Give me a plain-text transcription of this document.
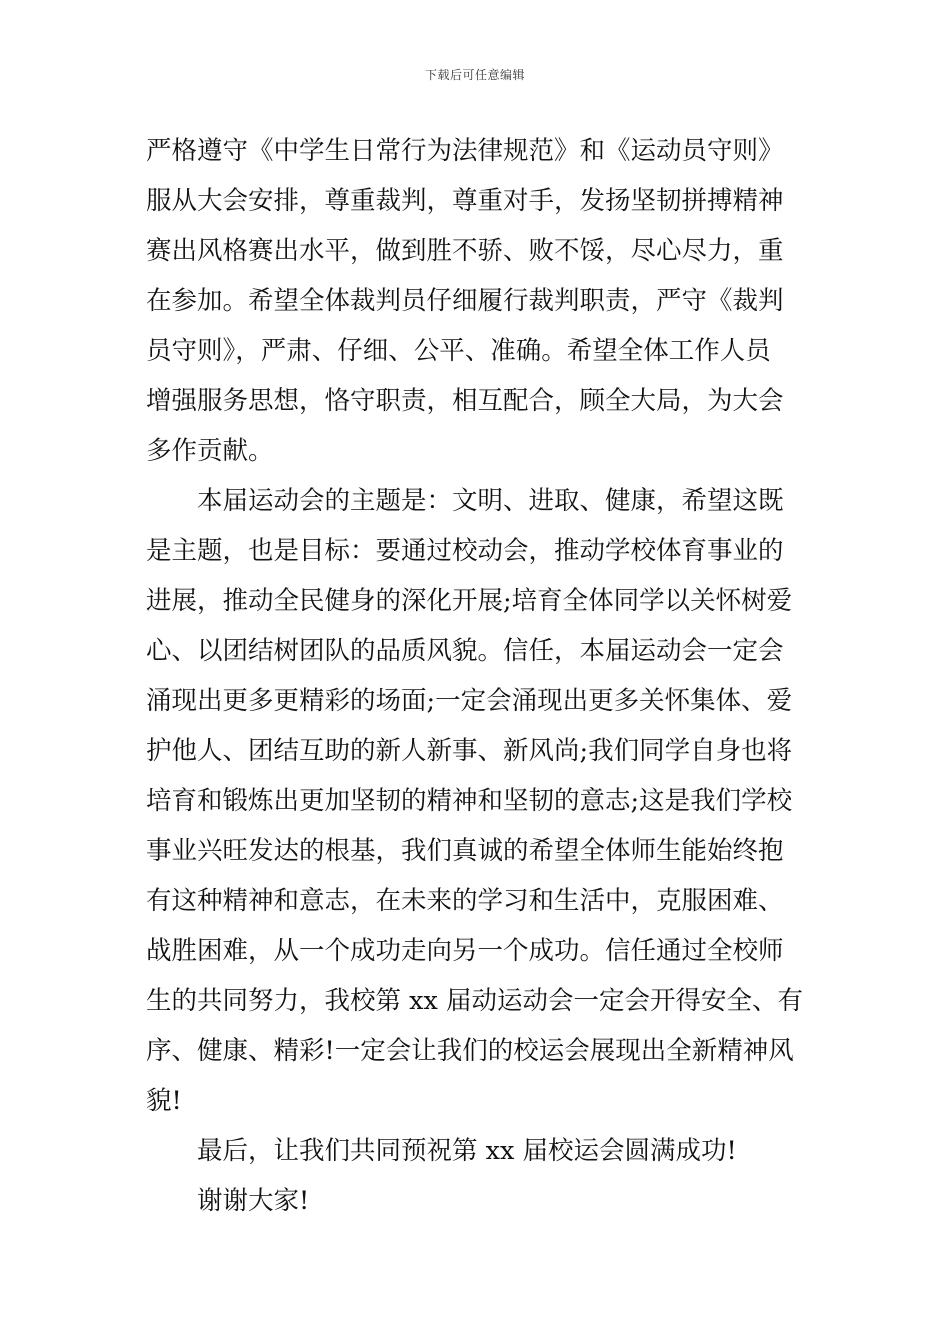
下载后可任意编辑
严格遵守《中学生日常行为法律规范》和《运动员守则》
服从大会安排，尊重裁判，尊重对手，发扬坚韧拼搏精神
赛出风格赛出水平，做到胜不骄、败不馁，尽心尽力，重
在参加。希望全体裁判员仔细履行裁判职责，严守《裁判
员守则》，严肃、仔细、公平、准确。希望全体工作人员
增强服务思想，恪守职责，相互配合，顾全大局，为大会
多作贡献。
本届运动会的主题是：文明、进取、健康，希望这既
是主题，也是目标：要通过校动会，推动学校体育事业的
进展，推动全民健身的深化开展;培育全体同学以关怀树爱
心、以团结树团队的品质风貌。信任，本届运动会一定会
涌现出更多更精彩的场面;一定会涌现出更多关怀集体、爱
护他人、团结互助的新人新事、新风尚;我们同学自身也将
培育和锻炼出更加坚韧的精神和坚韧的意志;这是我们学校
事业兴旺发达的根基，我们真诚的希望全体师生能始终抱
有这种精神和意志，在未来的学习和生活中，克服困难、
战胜困难，从一个成功走向另一个成功。信任通过全校师
生的共同努力，我校第 xx 届动运动会一定会开得安全、有
序、健康、精彩!一定会让我们的校运会展现出全新精神风
貌!
最后，让我们共同预祝第 xx 届校运会圆满成功!
谢谢大家!
